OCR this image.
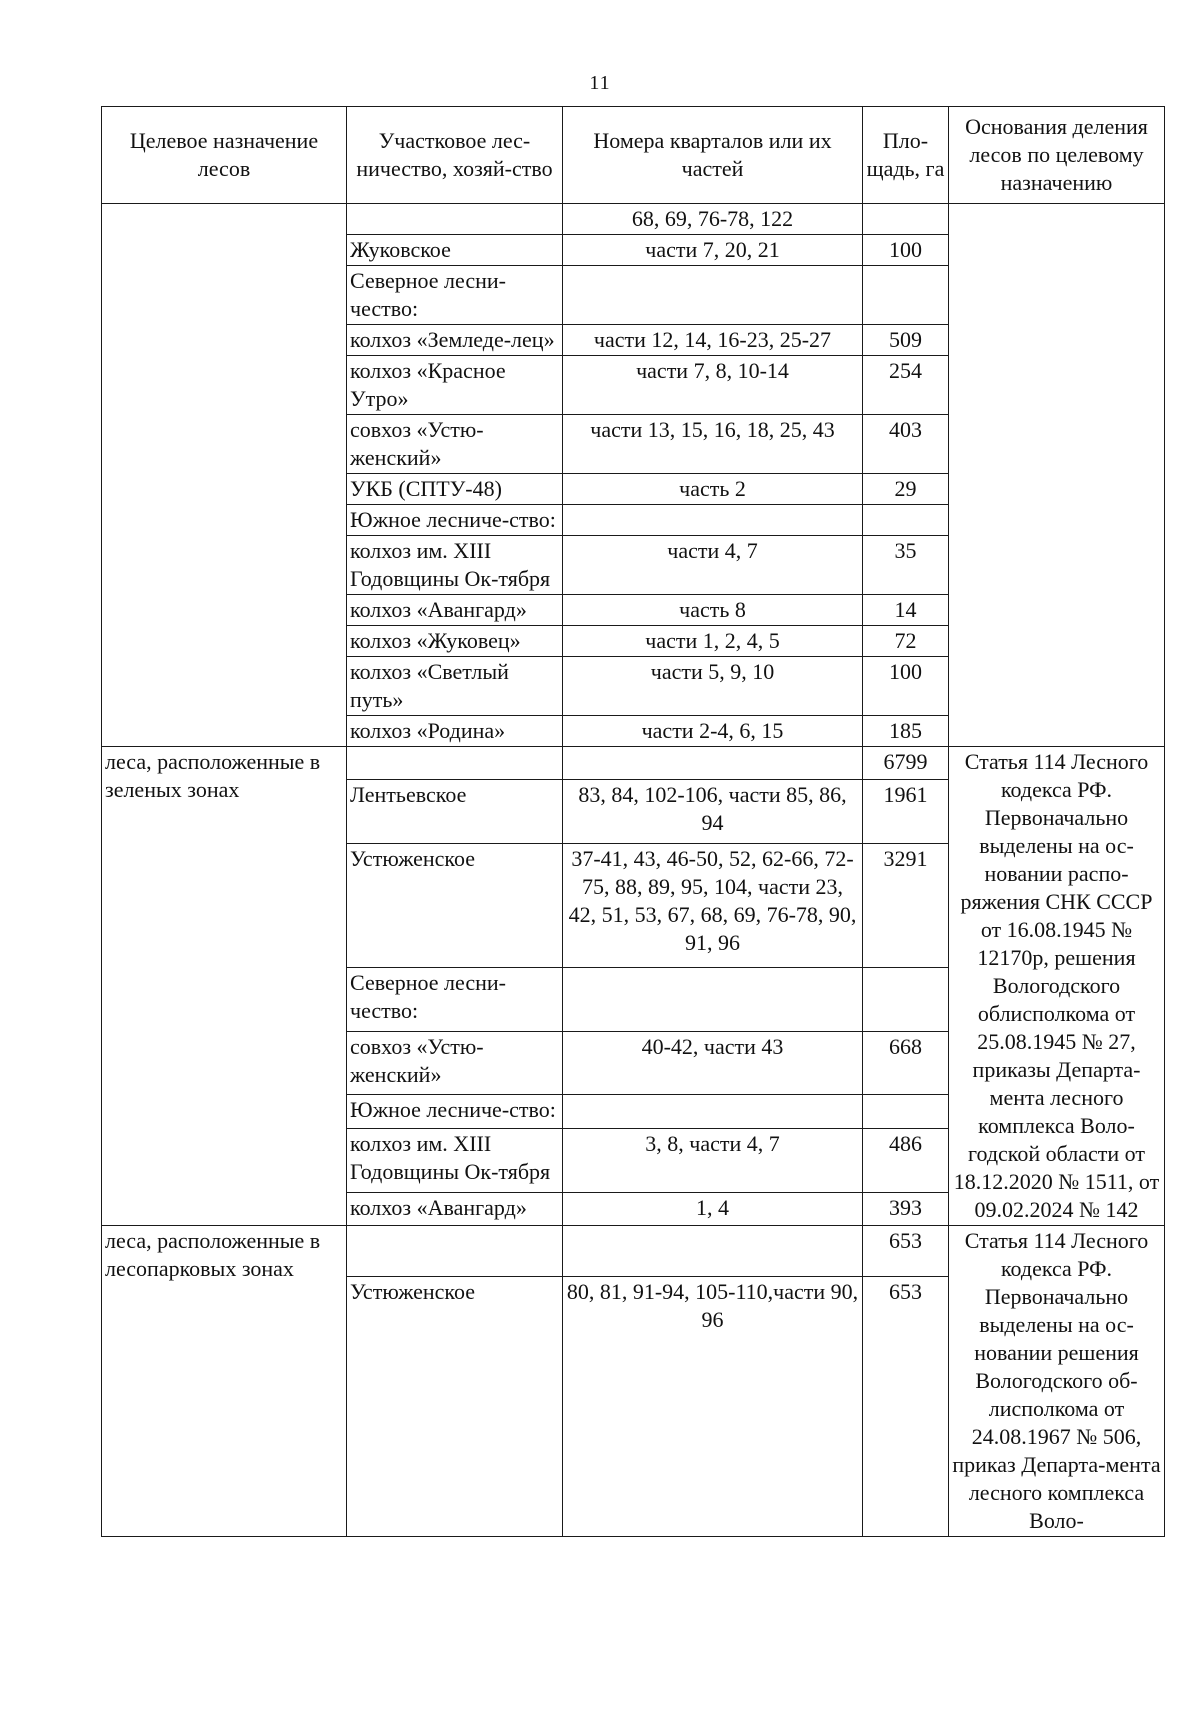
11
Целевое назначение лесов	Участковое лес-ничество, хозяй-ство	Номера кварталов или их частей	Пло-щадь, га	Основания деления лесов по целевому назначению
		68, 69, 76-78, 122		
	Жуковское	части 7, 20, 21	100	
	Северное лесни-чество:			
	колхоз «Земледе-лец»	части 12, 14, 16-23, 25-27	509	
	колхоз «Красное Утро»	части 7, 8, 10-14	254	
	совхоз «Устю-женский»	части 13, 15, 16, 18, 25, 43	403	
	УКБ (СПТУ-48)	часть 2	29	
	Южное лесниче-ство:			
	колхоз им. XIII Годовщины Ок-тября	части 4, 7	35	
	колхоз «Авангард»	часть 8	14	
	колхоз «Жуковец»	части 1, 2, 4, 5	72	
	колхоз «Светлый путь»	части 5, 9, 10	100	
	колхоз «Родина»	части 2-4, 6, 15	185	
леса, расположенные в зеленых зонах			6799	Статья 114 Лесного кодекса РФ. Первоначально выделены на ос-новании распо-ряжения СНК СССР от 16.08.1945 № 12170р, решения Вологодского облисполкома от 25.08.1945 № 27, приказы Департа-мента лесного комплекса Воло-годской области от 18.12.2020 № 1511, от 09.02.2024 № 142
	Лентьевское	83, 84, 102-106, части 85, 86, 94	1961	
	Устюженское	37-41, 43, 46-50, 52, 62-66, 72-75, 88, 89, 95, 104, части 23, 42, 51, 53, 67, 68, 69, 76-78, 90, 91, 96	3291	
	Северное лесни-чество:			
	совхоз «Устю-женский»	40-42, части 43	668	
	Южное лесниче-ство:			
	колхоз им. XIII Годовщины Ок-тября	3, 8, части 4, 7	486	
	колхоз «Авангард»	1, 4	393	
леса, расположенные в лесопарковых зонах			653	Статья 114 Лесного кодекса РФ. Первоначально выделены на ос-новании решения Вологодского об-лисполкома от 24.08.1967 № 506, приказ Департа-мента лесного комплекса Воло-
	Устюженское	80, 81, 91-94, 105-110,части 90, 96	653	
